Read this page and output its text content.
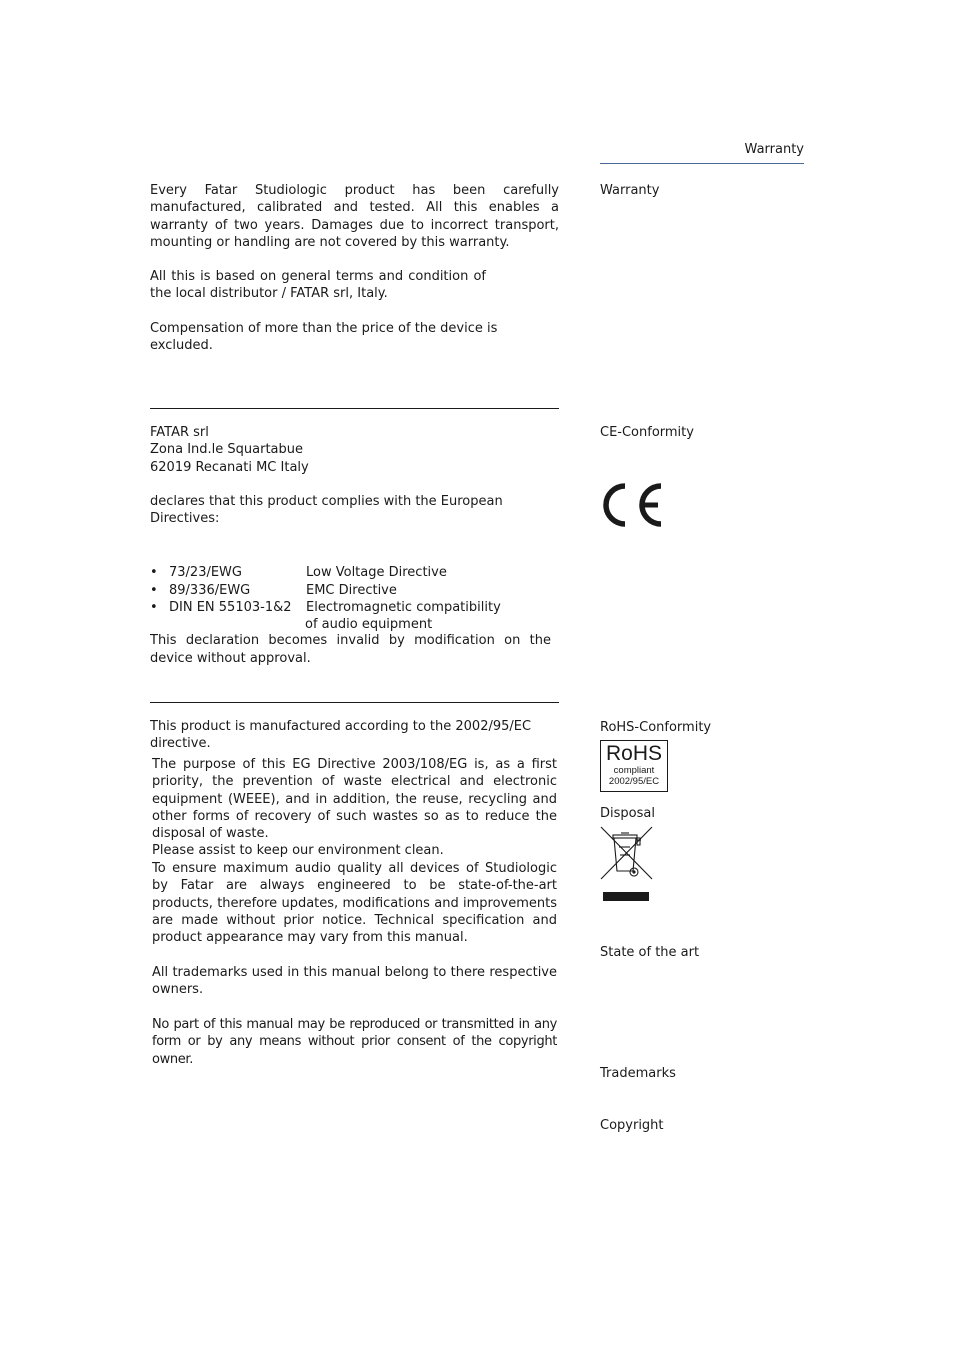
Warranty
Warranty

Every Fatar Studiologic product has been carefully manufactured, calibrated and tested. All this enables a warranty of two years. Damages due to incorrect transport, mounting or handling are not covered by this warranty.

All this is based on general terms and condition of the local distributor / FATAR srl, Italy.

Compensation of more than the price of the device is excluded.

CE-Conformity

FATAR srl

Zona Ind.le Squartabue

62019 Recanati MC Italy

declares that this product complies with the European Directives:

• 73/23/EWG	Low Voltage Directive
• 89/336/EWG	EMC Directive
• DIN EN 55103-1&2 Electromagnetic compatibility
of audio equipment

This declaration becomes invalid by modification on the device without approval.

RoHS-Conformity
RoHS
compliant
2002/95/EC
This product is manufactured according to the 2002/95/EC directive.
Disposal

The purpose of this EG Directive 2003/108/EG is, as a first priority, the prevention of waste electrical and electronic equipment (WEEE), and in addition, the reuse, recycling and other forms of recovery of such wastes so as to reduce the disposal of waste.

Please assist to keep our environment clean.

State of the art
To ensure maximum audio quality all devices of Studiologic by Fatar are always engineered to be state-of-the-art products, therefore updates, modifications and improvements are made without prior notice. Technical specification and product appearance may vary from this manual.
Trademarks
All trademarks used in this manual belong to there respective owners.
Copyright
No part of this manual may be reproduced or transmitted in any form or by any means without prior consent of the copyright owner.
